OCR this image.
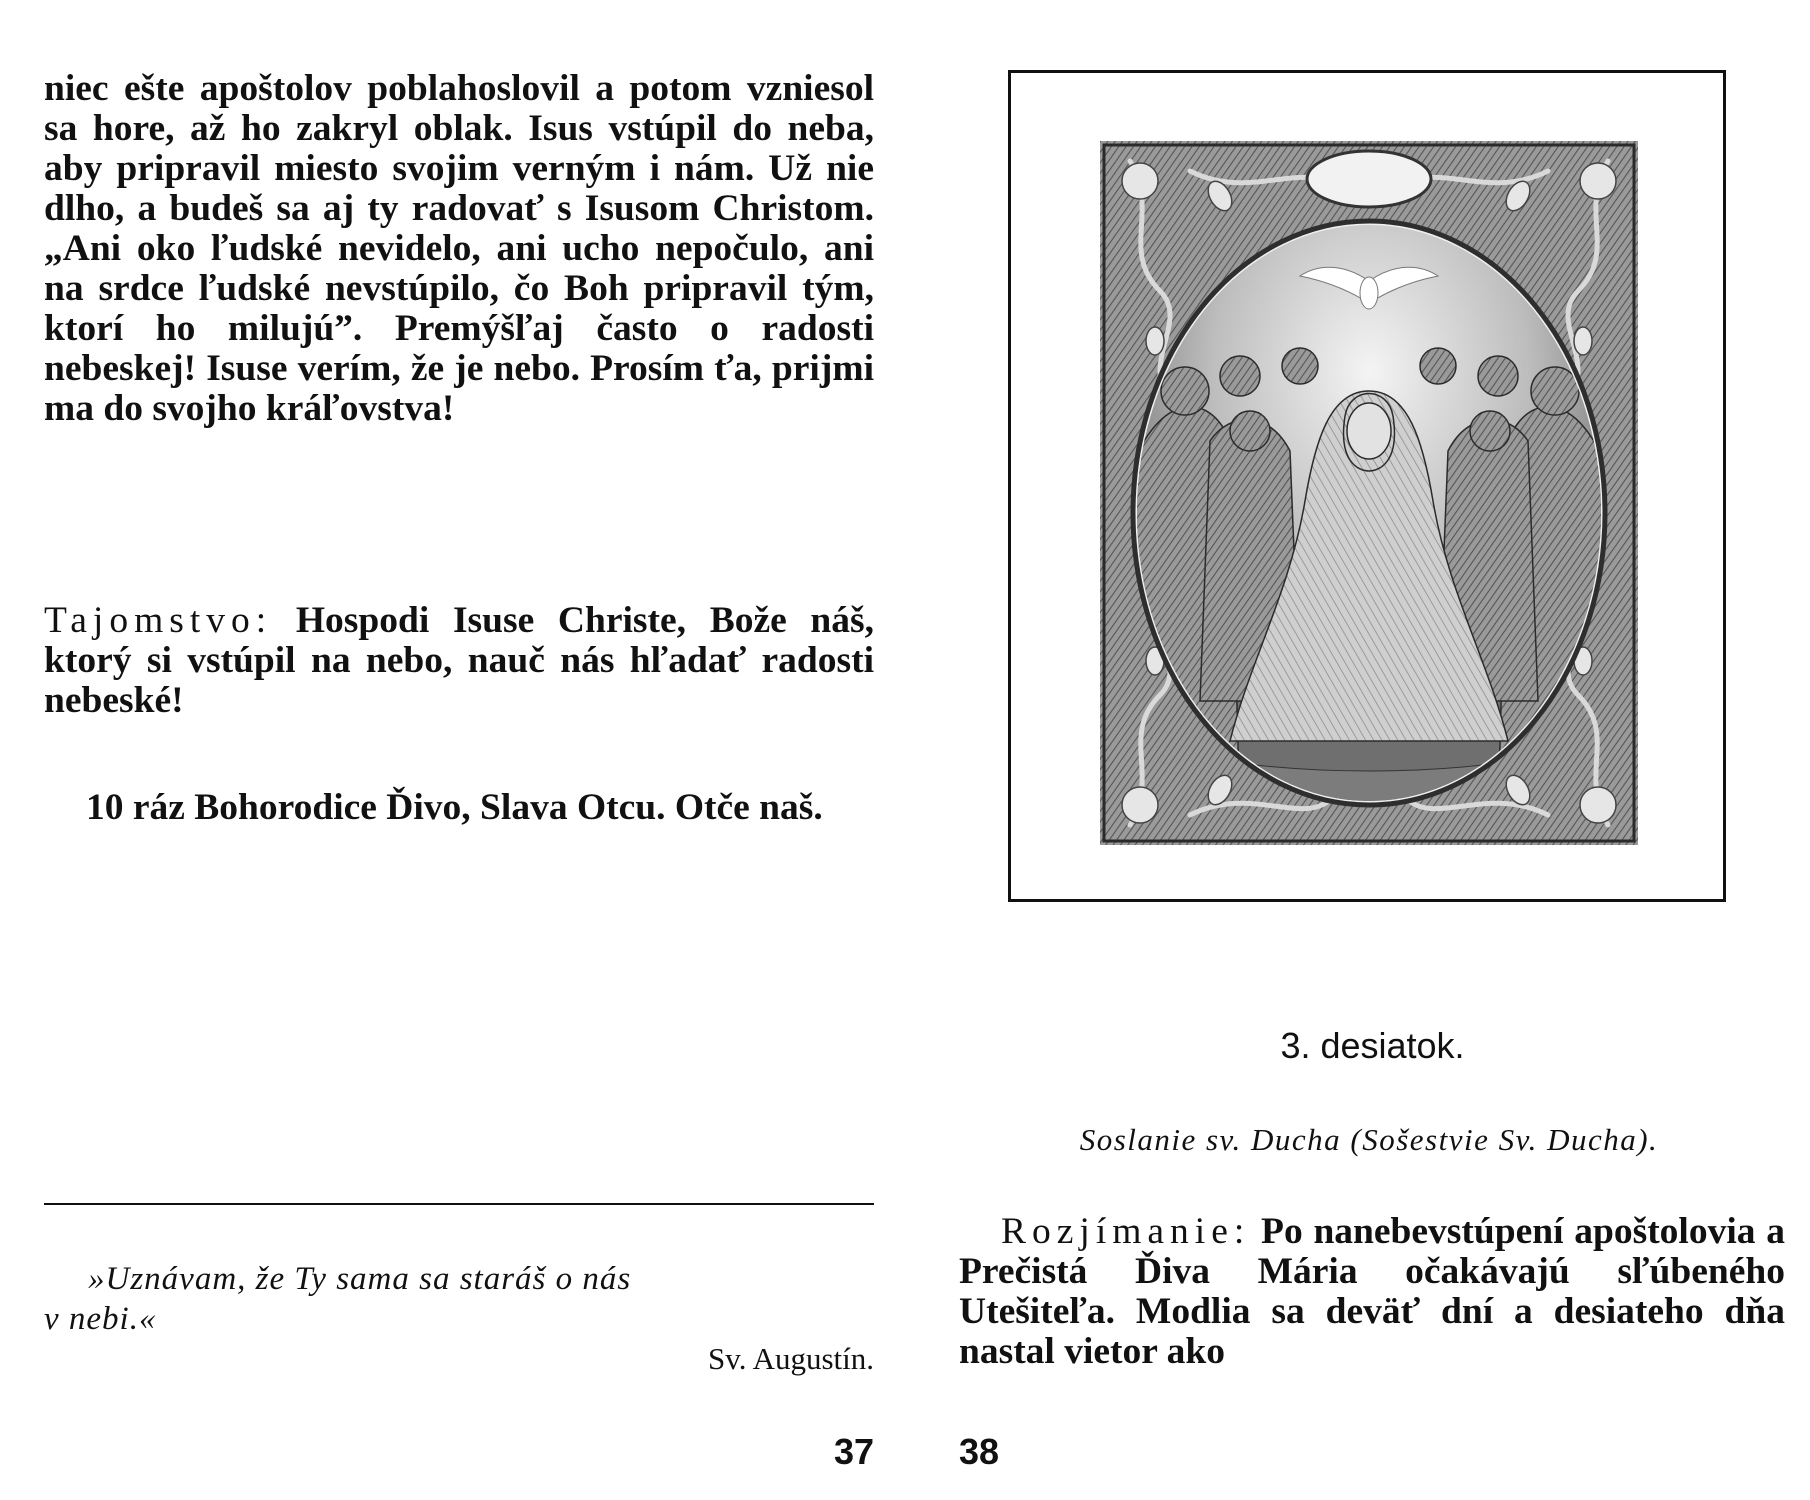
niec ešte apoštolov poblahoslovil a potom vzniesol sa hore, až ho zakryl oblak. Isus vstúpil do neba, aby pripravil miesto svojim verným i nám. Už nie dlho, a budeš sa aj ty radovať s Isusom Christom. „Ani oko ľudské nevidelo, ani ucho nepočulo, ani na srdce ľudské nevstúpilo, čo Boh pripravil tým, ktorí ho milujú”. Premýšľaj často o radosti nebeskej! Isuse verím, že je nebo. Prosím ťa, prijmi ma do svojho kráľovstva!

Tajomstvo: Hospodi Isuse Christe, Bože náš, ktorý si vstúpil na nebo, nauč nás hľadať radosti nebeské!

10 ráz Bohorodice Ďivo, Slava Otcu. Otče naš.

»Uznávam, že Ty sama sa staráš o nás

v nebi.«

Sv. Augustín.

37

3. desiatok.

Soslanie sv. Ducha (Sošestvie Sv. Ducha).

Rozjímanie: Po nanebevstúpení apoštolovia a Prečistá Ďiva Mária očakávajú sľúbeného Utešiteľa. Modlia sa deväť dní a desiateho dňa nastal vietor ako

38
